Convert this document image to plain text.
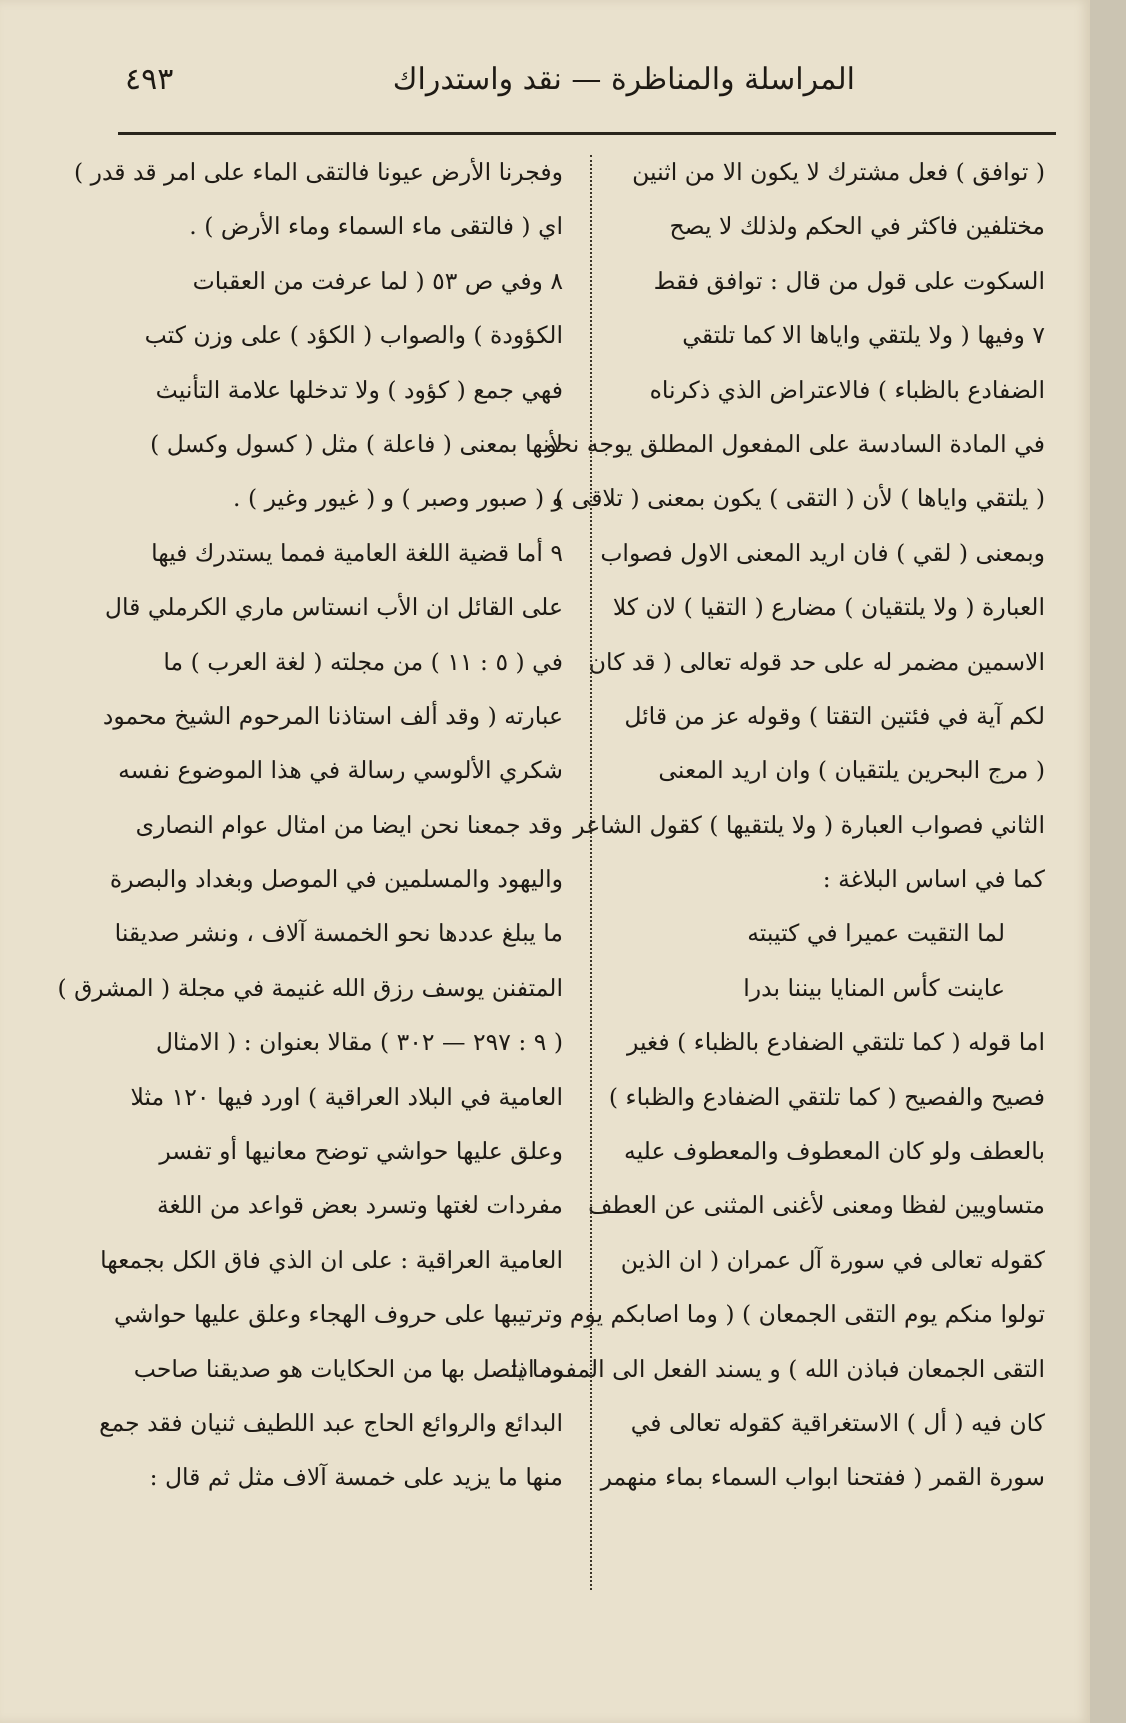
المراسلة والمناظرة — نقد واستدراك
٤٩٣
( توافق ) فعل مشترك لا يكون الا من اثنين
مختلفين فاكثر في الحكم ولذلك لا يصح
السكوت على قول من قال : توافق فقط
٧ وفيها ( ولا يلتقي واياها الا كما تلتقي
الضفادع بالظباء ) فالاعتراض الذي ذكرناه
في المادة السادسة على المفعول المطلق يوجه نحو
( يلتقي واياها ) لأن ( التقى ) يكون بمعنى ( تلاقى )
وبمعنى ( لقي ) فان اريد المعنى الاول فصواب
العبارة ( ولا يلتقيان ) مضارع ( التقيا ) لان كلا
الاسمين مضمر له على حد قوله تعالى ( قد كان
لكم آية في فئتين التقتا ) وقوله عز من قائل
( مرج البحرين يلتقيان ) وان اريد المعنى
الثاني فصواب العبارة ( ولا يلتقيها ) كقول الشاعر
كما في اساس البلاغة :
لما التقيت عميرا في كتيبته
عاينت كأس المنايا بيننا بدرا
اما قوله ( كما تلتقي الضفادع بالظباء ) فغير
فصيح والفصيح ( كما تلتقي الضفادع والظباء )
بالعطف ولو كان المعطوف والمعطوف عليه
متساويين لفظا ومعنى لأغنى المثنى عن العطف
كقوله تعالى في سورة آل عمران ( ان الذين
تولوا منكم يوم التقى الجمعان ) ( وما اصابكم يوم
التقى الجمعان فباذن الله ) و يسند الفعل الى المفرد اذا
كان فيه ( أل ) الاستغراقية كقوله تعالى في
سورة القمر ( ففتحنا ابواب السماء بماء منهمر
وفجرنا الأرض عيونا فالتقى الماء على امر قد قدر )
اي ( فالتقى ماء السماء وماء الأرض ) .
٨ وفي ص ٥٣ ( لما عرفت من العقبات
الكؤودة ) والصواب ( الكؤد ) على وزن كتب
فهي جمع ( كؤود ) ولا تدخلها علامة التأنيث
لأنها بمعنى ( فاعلة ) مثل ( كسول وكسل )
و ( صبور وصبر ) و ( غيور وغير ) .
٩ أما قضية اللغة العامية فمما يستدرك فيها
على القائل ان الأب انستاس ماري الكرملي قال
في ( ٥ : ١١ ) من مجلته ( لغة العرب ) ما
عبارته ( وقد ألف استاذنا المرحوم الشيخ محمود
شكري الألوسي رسالة في هذا الموضوع نفسه
وقد جمعنا نحن ايضا من امثال عوام النصارى
واليهود والمسلمين في الموصل وبغداد والبصرة
ما يبلغ عددها نحو الخمسة آلاف ، ونشر صديقنا
المتفنن يوسف رزق الله غنيمة في مجلة ( المشرق )
( ٩ : ٢٩٧ — ٣٠٢ ) مقالا بعنوان : ( الامثال
العامية في البلاد العراقية ) اورد فيها ١٢٠ مثلا
وعلق عليها حواشي توضح معانيها أو تفسر
مفردات لغتها وتسرد بعض قواعد من اللغة
العامية العراقية : على ان الذي فاق الكل بجمعها
وترتيبها على حروف الهجاء وعلق عليها حواشي
وما يتصل بها من الحكايات هو صديقنا صاحب
البدائع والروائع الحاج عبد اللطيف ثنيان فقد جمع
منها ما يزيد على خمسة آلاف مثل ثم قال :
